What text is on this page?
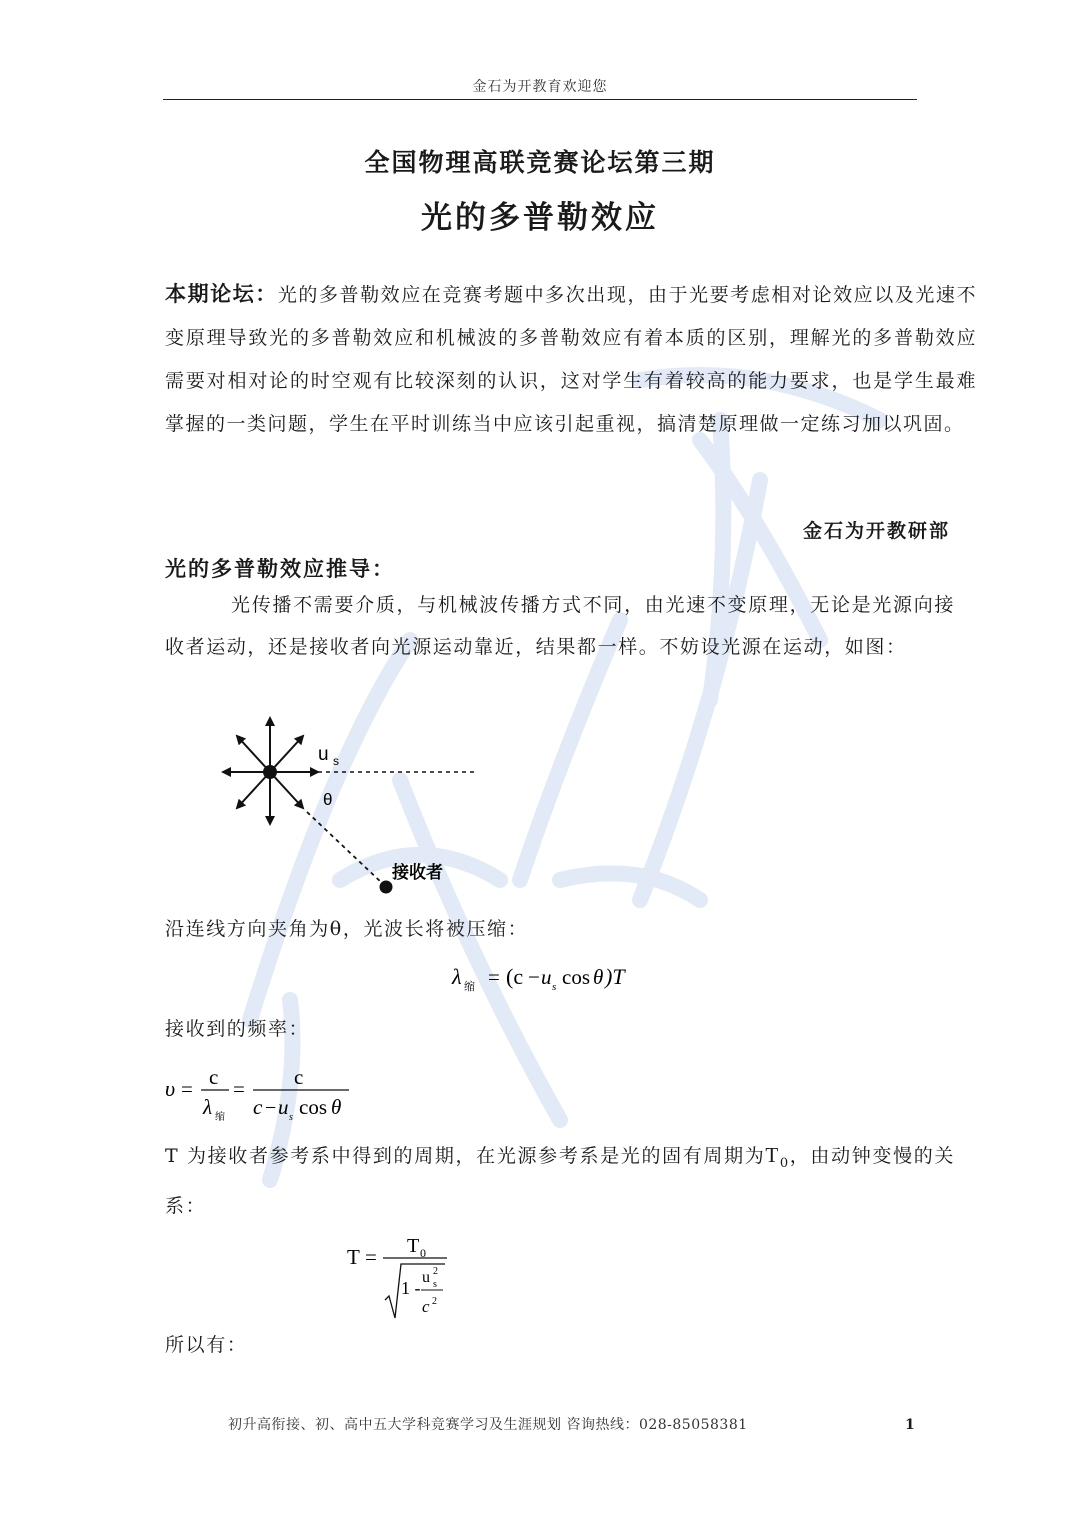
金石为开教育欢迎您
全国物理高联竞赛论坛第三期
光的多普勒效应
本期论坛：光的多普勒效应在竞赛考题中多次出现，由于光要考虑相对论效应以及光速不变原理导致光的多普勒效应和机械波的多普勒效应有着本质的区别，理解光的多普勒效应需要对相对论的时空观有比较深刻的认识，这对学生有着较高的能力要求，也是学生最难掌握的一类问题，学生在平时训练当中应该引起重视，搞清楚原理做一定练习加以巩固。
金石为开教研部
光的多普勒效应推导：
光传播不需要介质，与机械波传播方式不同，由光速不变原理，无论是光源向接收者运动，还是接收者向光源运动靠近，结果都一样。不妨设光源在运动，如图：
u s
θ
接收者
沿连线方向夹角为θ，光波长将被压缩：
λ 缩 = (c − u s cos θ )T
接收到的频率：
υ = c
λ 缩
= c
c − u s cos θ
T 为接收者参考系中得到的周期，在光源参考系是光的固有周期为$T_0$，由动钟变慢的关系：
T = T 0
1 -
u 2
s
c 2
所以有：
初升高衔接、初、高中五大学科竞赛学习及生涯规划 咨询热线：028-85058381	1
